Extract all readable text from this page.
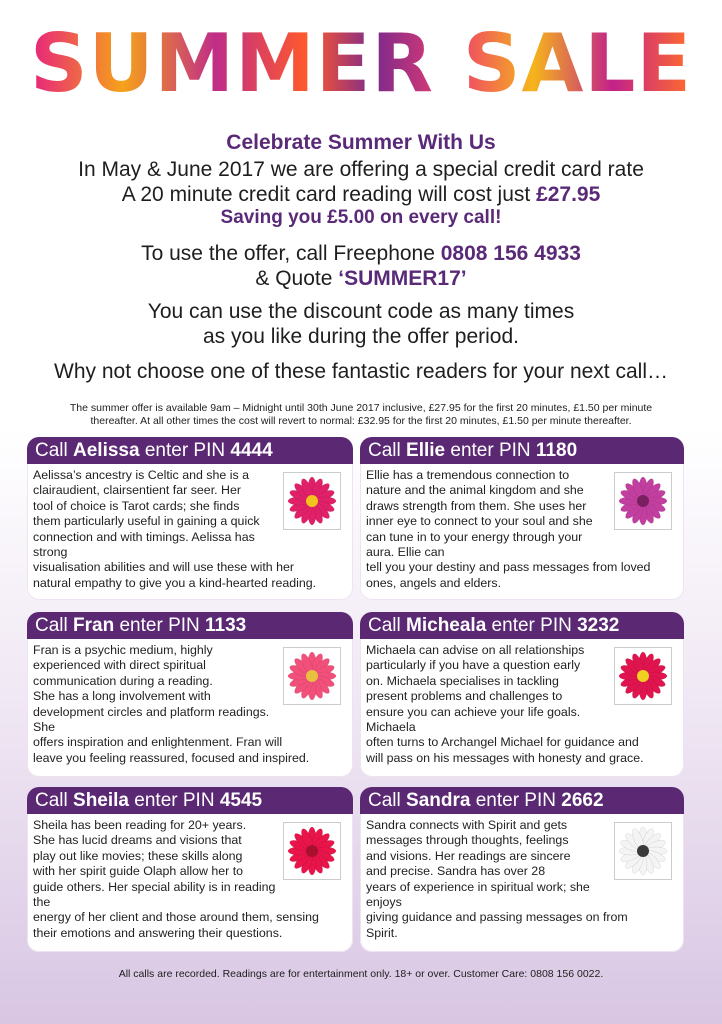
SUMMER SALE
Celebrate Summer With Us
In May & June 2017 we are offering a special credit card rate
A 20 minute credit card reading will cost just £27.95
Saving you £5.00 on every call!
To use the offer, call Freephone 0808 156 4933
& Quote ‘SUMMER17’
You can use the discount code as many times
as you like during the offer period.
Why not choose one of these fantastic readers for your next call…
The summer offer is available 9am – Midnight until 30th June 2017 inclusive, £27.95 for the first 20 minutes, £1.50 per minute
thereafter. At all other times the cost will revert to normal: £32.95 for the first 20 minutes, £1.50 per minute thereafter.
Call Aelissa enter PIN 4444
Aelissa’s ancestry is Celtic and she is a
clairaudient, clairsentient far seer. Her
tool of choice is Tarot cards; she finds
them particularly useful in gaining a quick
connection and with timings. Aelissa has strong
visualisation abilities and will use these with her
natural empathy to give you a kind-hearted reading.
Call Ellie enter PIN 1180
Ellie has a tremendous connection to
nature and the animal kingdom and she
draws strength from them. She uses her
inner eye to connect to your soul and she
can tune in to your energy through your aura. Ellie can
tell you your destiny and pass messages from loved
ones, angels and elders.
Call Fran enter PIN 1133
Fran is a psychic medium, highly
experienced with direct spiritual
communication during a reading.
She has a long involvement with
development circles and platform readings. She
offers inspiration and enlightenment. Fran will
leave you feeling reassured, focused and inspired.
Call Micheala enter PIN 3232
Michaela can advise on all relationships
particularly if you have a question early
on. Michaela specialises in tackling
present problems and challenges to
ensure you can achieve your life goals. Michaela
often turns to Archangel Michael for guidance and
will pass on his messages with honesty and grace.
Call Sheila enter PIN 4545
Sheila has been reading for 20+ years.
She has lucid dreams and visions that
play out like movies; these skills along
with her spirit guide Olaph allow her to
guide others. Her special ability is in reading the
energy of her client and those around them, sensing
their emotions and answering their questions.
Call Sandra enter PIN 2662
Sandra connects with Spirit and gets
messages through thoughts, feelings
and visions. Her readings are sincere
and precise. Sandra has over 28
years of experience in spiritual work; she enjoys
giving guidance and passing messages on from
Spirit.
All calls are recorded. Readings are for entertainment only. 18+ or over. Customer Care: 0808 156 0022.
